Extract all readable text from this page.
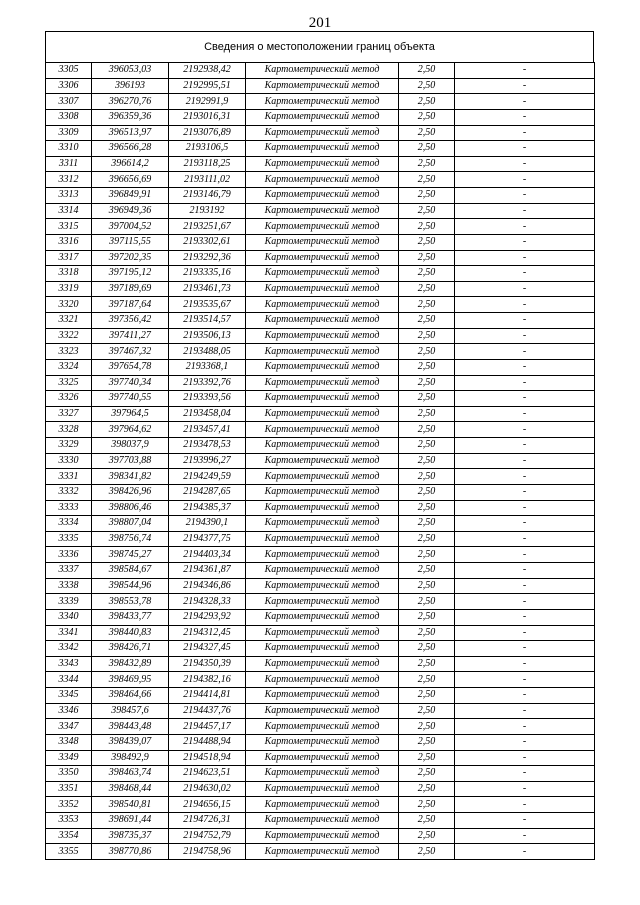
201
Сведения о местоположении границ объекта
3305	396053,03	2192938,42	Картометрический метод	2,50	-
3306	396193	2192995,51	Картометрический метод	2,50	-
3307	396270,76	2192991,9	Картометрический метод	2,50	-
3308	396359,36	2193016,31	Картометрический метод	2,50	-
3309	396513,97	2193076,89	Картометрический метод	2,50	-
3310	396566,28	2193106,5	Картометрический метод	2,50	-
3311	396614,2	2193118,25	Картометрический метод	2,50	-
3312	396656,69	2193111,02	Картометрический метод	2,50	-
3313	396849,91	2193146,79	Картометрический метод	2,50	-
3314	396949,36	2193192	Картометрический метод	2,50	-
3315	397004,52	2193251,67	Картометрический метод	2,50	-
3316	397115,55	2193302,61	Картометрический метод	2,50	-
3317	397202,35	2193292,36	Картометрический метод	2,50	-
3318	397195,12	2193335,16	Картометрический метод	2,50	-
3319	397189,69	2193461,73	Картометрический метод	2,50	-
3320	397187,64	2193535,67	Картометрический метод	2,50	-
3321	397356,42	2193514,57	Картометрический метод	2,50	-
3322	397411,27	2193506,13	Картометрический метод	2,50	-
3323	397467,32	2193488,05	Картометрический метод	2,50	-
3324	397654,78	2193368,1	Картометрический метод	2,50	-
3325	397740,34	2193392,76	Картометрический метод	2,50	-
3326	397740,55	2193393,56	Картометрический метод	2,50	-
3327	397964,5	2193458,04	Картометрический метод	2,50	-
3328	397964,62	2193457,41	Картометрический метод	2,50	-
3329	398037,9	2193478,53	Картометрический метод	2,50	-
3330	397703,88	2193996,27	Картометрический метод	2,50	-
3331	398341,82	2194249,59	Картометрический метод	2,50	-
3332	398426,96	2194287,65	Картометрический метод	2,50	-
3333	398806,46	2194385,37	Картометрический метод	2,50	-
3334	398807,04	2194390,1	Картометрический метод	2,50	-
3335	398756,74	2194377,75	Картометрический метод	2,50	-
3336	398745,27	2194403,34	Картометрический метод	2,50	-
3337	398584,67	2194361,87	Картометрический метод	2,50	-
3338	398544,96	2194346,86	Картометрический метод	2,50	-
3339	398553,78	2194328,33	Картометрический метод	2,50	-
3340	398433,77	2194293,92	Картометрический метод	2,50	-
3341	398440,83	2194312,45	Картометрический метод	2,50	-
3342	398426,71	2194327,45	Картометрический метод	2,50	-
3343	398432,89	2194350,39	Картометрический метод	2,50	-
3344	398469,95	2194382,16	Картометрический метод	2,50	-
3345	398464,66	2194414,81	Картометрический метод	2,50	-
3346	398457,6	2194437,76	Картометрический метод	2,50	-
3347	398443,48	2194457,17	Картометрический метод	2,50	-
3348	398439,07	2194488,94	Картометрический метод	2,50	-
3349	398492,9	2194518,94	Картометрический метод	2,50	-
3350	398463,74	2194623,51	Картометрический метод	2,50	-
3351	398468,44	2194630,02	Картометрический метод	2,50	-
3352	398540,81	2194656,15	Картометрический метод	2,50	-
3353	398691,44	2194726,31	Картометрический метод	2,50	-
3354	398735,37	2194752,79	Картометрический метод	2,50	-
3355	398770,86	2194758,96	Картометрический метод	2,50	-
